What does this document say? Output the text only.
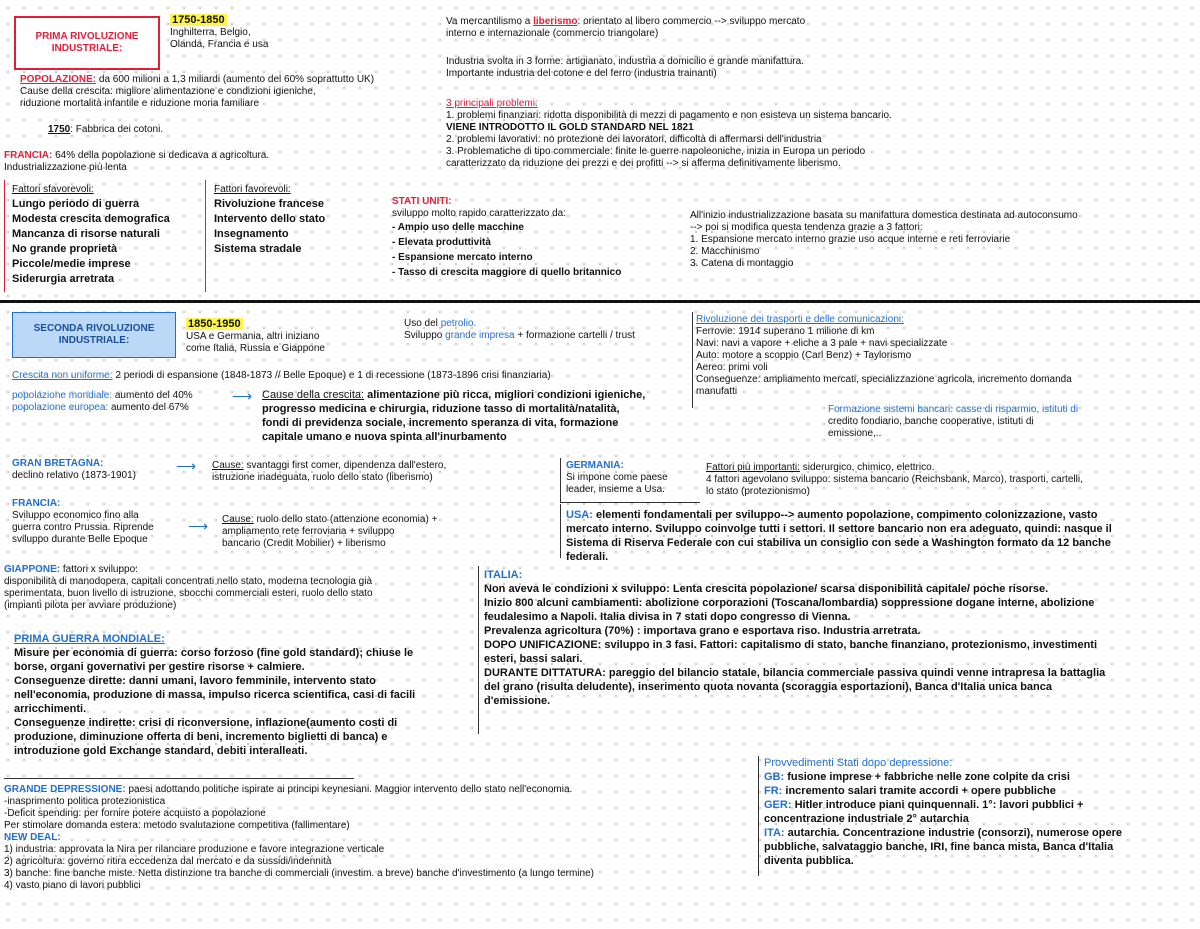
PRIMA RIVOLUZIONE INDUSTRIALE:
1750-1850
Inghilterra, Belgio,
Olanda, Francia e usa
POPOLAZIONE: da 600 milioni a 1,3 miliardi (aumento del 60% soprattutto UK)
Cause della crescita: migliore alimentazione e condizioni igieniche,
riduzione mortalità infantile e riduzione moria familiare
1750: Fabbrica dei cotoni.
FRANCIA: 64% della popolazione si dedicava a agricoltura.
Industrializzazione più lenta
Fattori sfavorevoli:
Lungo periodo di guerra
Modesta crescita demografica
Mancanza di risorse naturali
No grande proprietà
Piccole/medie imprese
Siderurgia arretrata
Fattori favorevoli:
Rivoluzione francese
Intervento dello stato
Insegnamento
Sistema stradale
Va mercantilismo a liberismo: orientato al libero commercio --> sviluppo mercato
interno e internazionale (commercio triangolare)
Industria svolta in 3 forme: artigianato, industria a domicilio e grande manifattura.
Importante industria del cotone e del ferro (industria trainanti)
3 principali problemi:
1. problemi finanziari: ridotta disponibilità di mezzi di pagamento e non esisteva un sistema bancario.
VIENE INTRODOTTO IL GOLD STANDARD NEL 1821
2. problemi lavorativi: no protezione dei lavoratori, difficoltà di affermarsi dell'industria
3. Problematiche di tipo commerciale: finite le guerre napoleoniche, inizia in Europa un periodo
caratterizzato da riduzione dei prezzi e dei profitti --> si afferma definitivamente liberismo.
STATI UNITI:
sviluppo molto rapido caratterizzato da:
- Ampio uso delle macchine
- Elevata produttività
- Espansione mercato interno
- Tasso di crescita maggiore di quello britannico
All'inizio industrializzazione basata su manifattura domestica destinata ad autoconsumo
--> poi si modifica questa tendenza grazie a 3 fattori:
1. Espansione mercato interno grazie uso acque interne e reti ferroviarie
2. Macchinismo
3. Catena di montaggio
SECONDA RIVOLUZIONE INDUSTRIALE:
1850-1950
USA e Germania, altri iniziano
come Italia, Russia e Giappone
Uso del petrolio.
Sviluppo grande impresa + formazione cartelli / trust
Crescita non uniforme: 2 periodi di espansione (1848-1873 // Belle Epoque) e 1 di recessione (1873-1896 crisi finanziaria)
popolazione mondiale: aumento del 40%
popolazione europea: aumento del 67%
⟶ Cause della crescita: alimentazione più ricca, migliori condizioni igieniche,
progresso medicina e chirurgia, riduzione tasso di mortalità/natalità,
fondi di previdenza sociale, incremento speranza di vita, formazione
capitale umano e nuova spinta all'inurbamento
Rivoluzione dei trasporti e delle comunicazioni:
Ferrovie: 1914 superano 1 milione di km
Navi: navi a vapore + eliche a 3 pale + navi specializzate
Auto: motore a scoppio (Carl Benz) + Taylorismo
Aereo: primi voli
Conseguenze: ampliamento mercati, specializzazione agricola, incremento domanda
manufatti
Formazione sistemi bancari: casse di risparmio, istituti di
credito fondiario, banche cooperative, istituti di
emissione,..
GRAN BRETAGNA:
declino relativo (1873-1901)
⟶ Cause: svantaggi first comer, dipendenza dall'estero,
istruzione inadeguata, ruolo dello stato (liberismo)
FRANCIA:
Sviluppo economico fino alla
guerra contro Prussia. Riprende
sviluppo durante Belle Epoque
⟶ Cause: ruolo dello stato (attenzione economia) +
ampliamento rete ferroviaria + sviluppo
bancario (Credit Mobilier) + liberismo
GERMANIA:
Si impone come paese
leader, insieme a Usa.
Fattori più importanti: siderurgico, chimico, elettrico.
4 fattori agevolano sviluppo: sistema bancario (Reichsbank, Marco), trasporti, cartelli,
lo stato (protezionismo)
USA: elementi fondamentali per sviluppo--> aumento popolazione, compimento colonizzazione, vasto
mercato interno. Sviluppo coinvolge tutti i settori. Il settore bancario non era adeguato, quindi: nasque il
Sistema di Riserva Federale con cui stabiliva un consiglio con sede a Washington formato da 12 banche
federali.
GIAPPONE: fattori x sviluppo:
disponibilità di manodopera, capitali concentrati nello stato, moderna tecnologia già
sperimentata, buon livello di istruzione, sbocchi commerciali esteri, ruolo dello stato
(impianti pilota per avviare produzione)
ITALIA:
Non aveva le condizioni x sviluppo: Lenta crescita popolazione/ scarsa disponibilità capitale/ poche risorse.
Inizio 800 alcuni cambiamenti: abolizione corporazioni (Toscana/lombardia) soppressione dogane interne, abolizione
feudalesimo a Napoli. Italia divisa in 7 stati dopo congresso di Vienna.
Prevalenza agricoltura (70%) : importava grano e esportava riso. Industria arretrata.
DOPO UNIFICAZIONE: sviluppo in 3 fasi. Fattori: capitalismo di stato, banche finanziano, protezionismo, investimenti
esteri, bassi salari.
DURANTE DITTATURA: pareggio del bilancio statale, bilancia commerciale passiva quindi venne intrapresa la battaglia
del grano (risulta deludente), inserimento quota novanta (scoraggia esportazioni), Banca d'Italia unica banca
d'emissione.
PRIMA GUERRA MONDIALE:
Misure per economia di guerra: corso forzoso (fine gold standard); chiuse le
borse, organi governativi per gestire risorse + calmiere.
Conseguenze dirette: danni umani, lavoro femminile, intervento stato
nell'economia, produzione di massa, impulso ricerca scientifica, casi di facili
arricchimenti.
Conseguenze indirette: crisi di riconversione, inflazione(aumento costi di
produzione, diminuzione offerta di beni, incremento biglietti di banca) e
introduzione gold Exchange standard, debiti interalleati.
GRANDE DEPRESSIONE: paesi adottando politiche ispirate ai principi keynesiani. Maggior intervento dello stato nell'economia.
-inasprimento politica protezionistica
-Deficit spending: per fornire potere acquisto a popolazione
Per stimolare domanda estera: metodo svalutazione competitiva (fallimentare)
NEW DEAL:
1) industria: approvata la Nira per rilanciare produzione e favore integrazione verticale
2) agricoltura: governo ritira eccedenza dal mercato e da sussidi/indennità
3) banche: fine banche miste. Netta distinzione tra banche di commerciali (investim. a breve) banche d'investimento (a lungo termine)
4) vasto piano di lavori pubblici
Provvedimenti Stati dopo depressione:
GB: fusione imprese + fabbriche nelle zone colpite da crisi
FR: incremento salari tramite accordi + opere pubbliche
GER: Hitler introduce piani quinquennali. 1°: lavori pubblici +
concentrazione industriale 2° autarchia
ITA: autarchia. Concentrazione industrie (consorzi), numerose opere
pubbliche, salvataggio banche, IRI, fine banca mista, Banca d'Italia
diventa pubblica.
